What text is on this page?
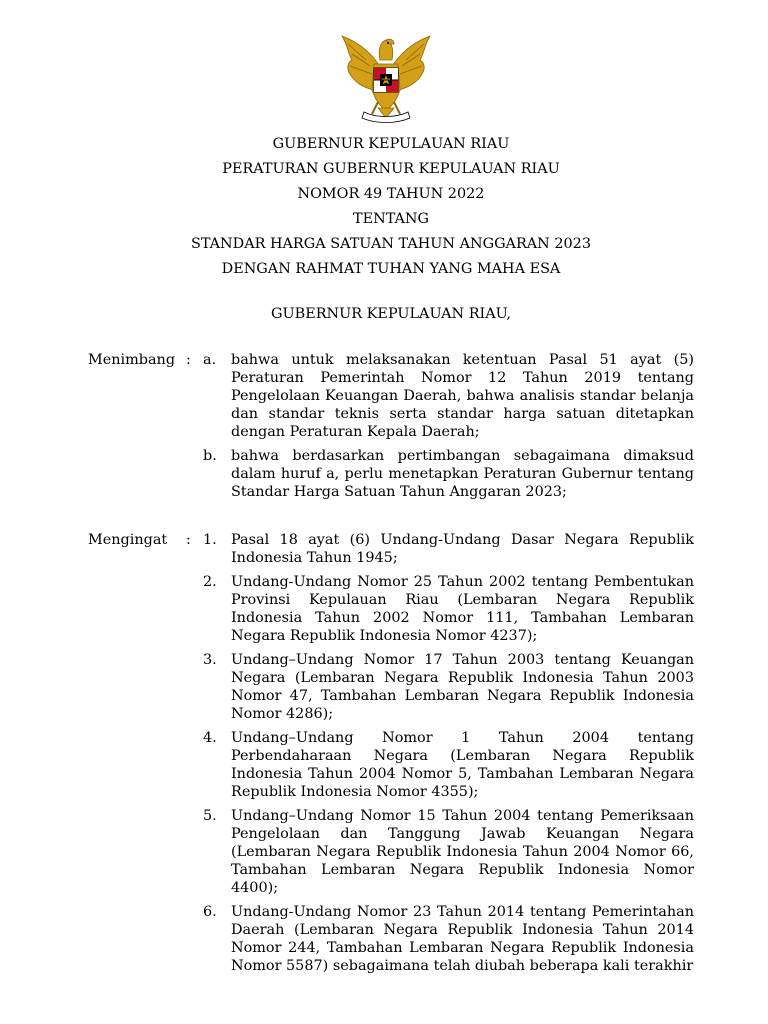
GUBERNUR KEPULAUAN RIAU
PERATURAN GUBERNUR KEPULAUAN RIAU
NOMOR 49 TAHUN 2022
TENTANG
STANDAR HARGA SATUAN TAHUN ANGGARAN 2023
DENGAN RAHMAT TUHAN YANG MAHA ESA
GUBERNUR KEPULAUAN RIAU,
Menimbang : a. bahwa untuk melaksanakan ketentuan Pasal 51 ayat (5) Peraturan Pemerintah Nomor 12 Tahun 2019 tentang Pengelolaan Keuangan Daerah, bahwa analisis standar belanja dan standar teknis serta standar harga satuan ditetapkan dengan Peraturan Kepala Daerah;
b. bahwa berdasarkan pertimbangan sebagaimana dimaksud dalam huruf a, perlu menetapkan Peraturan Gubernur tentang Standar Harga Satuan Tahun Anggaran 2023;
Mengingat : 1. Pasal 18 ayat (6) Undang-Undang Dasar Negara Republik Indonesia Tahun 1945;
2. Undang-Undang Nomor 25 Tahun 2002 tentang Pembentukan Provinsi Kepulauan Riau (Lembaran Negara Republik Indonesia Tahun 2002 Nomor 111, Tambahan Lembaran Negara Republik Indonesia Nomor 4237);
3. Undang–Undang Nomor 17 Tahun 2003 tentang Keuangan Negara (Lembaran Negara Republik Indonesia Tahun 2003 Nomor 47, Tambahan Lembaran Negara Republik Indonesia Nomor 4286);
4. Undang–Undang Nomor 1 Tahun 2004 tentang Perbendaharaan Negara (Lembaran Negara Republik Indonesia Tahun 2004 Nomor 5, Tambahan Lembaran Negara Republik Indonesia Nomor 4355);
5. Undang–Undang Nomor 15 Tahun 2004 tentang Pemeriksaan Pengelolaan dan Tanggung Jawab Keuangan Negara (Lembaran Negara Republik Indonesia Tahun 2004 Nomor 66, Tambahan Lembaran Negara Republik Indonesia Nomor 4400);
6. Undang-Undang Nomor 23 Tahun 2014 tentang Pemerintahan Daerah (Lembaran Negara Republik Indonesia Tahun 2014 Nomor 244, Tambahan Lembaran Negara Republik Indonesia Nomor 5587) sebagaimana telah diubah beberapa kali terakhir
